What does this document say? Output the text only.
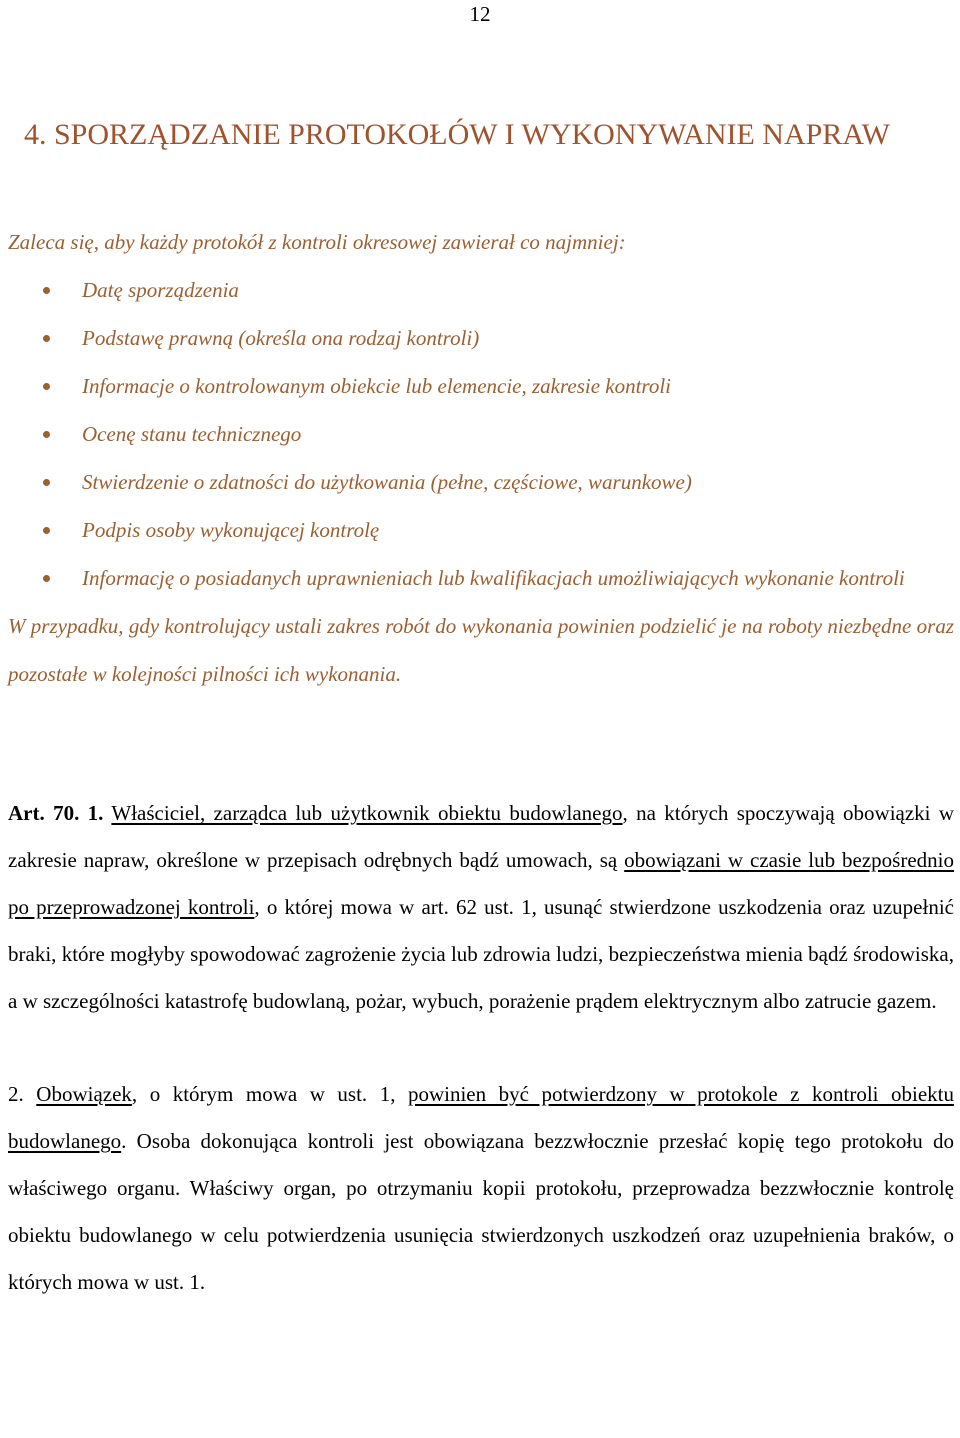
12
4. SPORZĄDZANIE PROTOKOŁÓW I WYKONYWANIE NAPRAW

Zaleca się, aby każdy protokół z kontroli okresowej zawierał co najmniej:

Datę sporządzenia
Podstawę prawną (określa ona rodzaj kontroli)
Informacje o kontrolowanym obiekcie lub elemencie, zakresie kontroli
Ocenę stanu technicznego
Stwierdzenie o zdatności do użytkowania (pełne, częściowe, warunkowe)
Podpis osoby wykonującej kontrolę
Informację o posiadanych uprawnieniach lub kwalifikacjach umożliwiających wykonanie kontroli

W przypadku, gdy kontrolujący ustali zakres robót do wykonania powinien podzielić je na roboty niezbędne oraz pozostałe w kolejności pilności ich wykonania.

Art. 70. 1. Właściciel, zarządca lub użytkownik obiektu budowlanego, na których spoczywają obowiązki w zakresie napraw, określone w przepisach odrębnych bądź umowach, są obowiązani w czasie lub bezpośrednio po przeprowadzonej kontroli, o której mowa w art. 62 ust. 1, usunąć stwierdzone uszkodzenia oraz uzupełnić braki, które mogłyby spowodować zagrożenie życia lub zdrowia ludzi, bezpieczeństwa mienia bądź środowiska, a w szczególności katastrofę budowlaną, pożar, wybuch, porażenie prądem elektrycznym albo zatrucie gazem.

2. Obowiązek, o którym mowa w ust. 1, powinien być potwierdzony w protokole z kontroli obiektu budowlanego. Osoba dokonująca kontroli jest obowiązana bezzwłocznie przesłać kopię tego protokołu do właściwego organu. Właściwy organ, po otrzymaniu kopii protokołu, przeprowadza bezzwłocznie kontrolę obiektu budowlanego w celu potwierdzenia usunięcia stwierdzonych uszkodzeń oraz uzupełnienia braków, o których mowa w ust. 1.
